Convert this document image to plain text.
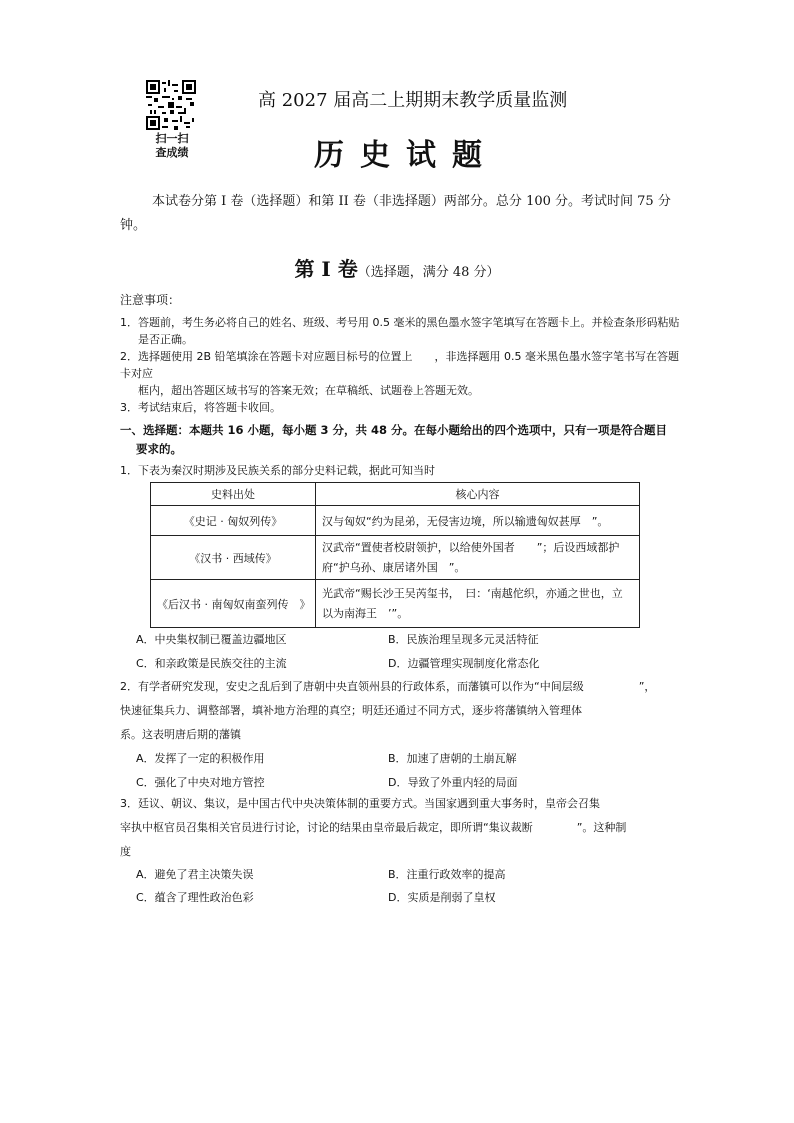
扫一扫
查成绩
高 2027 届高二上期期末教学质量监测
历史试题
本试卷分第 I 卷（选择题）和第 II 卷（非选择题）两部分。总分 100 分。考试时间 75 分钟。
第 I 卷（选择题，满分 48 分）
注意事项：
1．答题前，考生务必将自己的姓名、班级、考号用 0.5 毫米的黑色墨水签字笔填写在答题卡上。并检查条形码粘贴
是否正确。
2．选择题使用 2B 铅笔填涂在答题卡对应题目标号的位置上　　，非选择题用 0.5 毫米黑色墨水签字笔书写在答题卡对应
框内，超出答题区域书写的答案无效；在草稿纸、试题卷上答题无效。
3．考试结束后，将答题卡收回。
一、选择题：本题共 16 小题，每小题 3 分，共 48 分。在每小题给出的四个选项中，只有一项是符合题目
要求的。
1．下表为秦汉时期涉及民族关系的部分史料记载，据此可知当时
史料出处	核心内容
《史记 · 匈奴列传》	汉与匈奴“约为昆弟，无侵害边境，所以输遗匈奴甚厚　”。
《汉书 · 西域传》	汉武帝“置使者校尉领护，以给使外国者　　”；后设西域都护府“护乌孙、康居诸外国　”。
《后汉书 · 南匈奴南蛮列传　》	光武帝“赐长沙王吴芮玺书，　曰：‘南越佗织，亦通之世也，立以为南海王　’”。
A．中央集权制已覆盖边疆地区	B．民族治理呈现多元灵活特征
C．和亲政策是民族交往的主流	D．边疆管理实现制度化常态化
2．有学者研究发现，安史之乱后到了唐朝中央直领州县的行政体系，而藩镇可以作为“中间层级　　　　　”，
快速征集兵力、调整部署，填补地方治理的真空；明廷还通过不同方式，逐步将藩镇纳入管理体
系。这表明唐后期的藩镇
A．发挥了一定的积极作用	B．加速了唐朝的土崩瓦解
C．强化了中央对地方管控	D．导致了外重内轻的局面
3．廷议、朝议、集议，是中国古代中央决策体制的重要方式。当国家遇到重大事务时，皇帝会召集
宰执中枢官员召集相关官员进行讨论，讨论的结果由皇帝最后裁定，即所谓“集议裁断　　　　”。这种制
度
A．避免了君主决策失误	B．注重行政效率的提高
C．蕴含了理性政治色彩	D．实质是削弱了皇权
